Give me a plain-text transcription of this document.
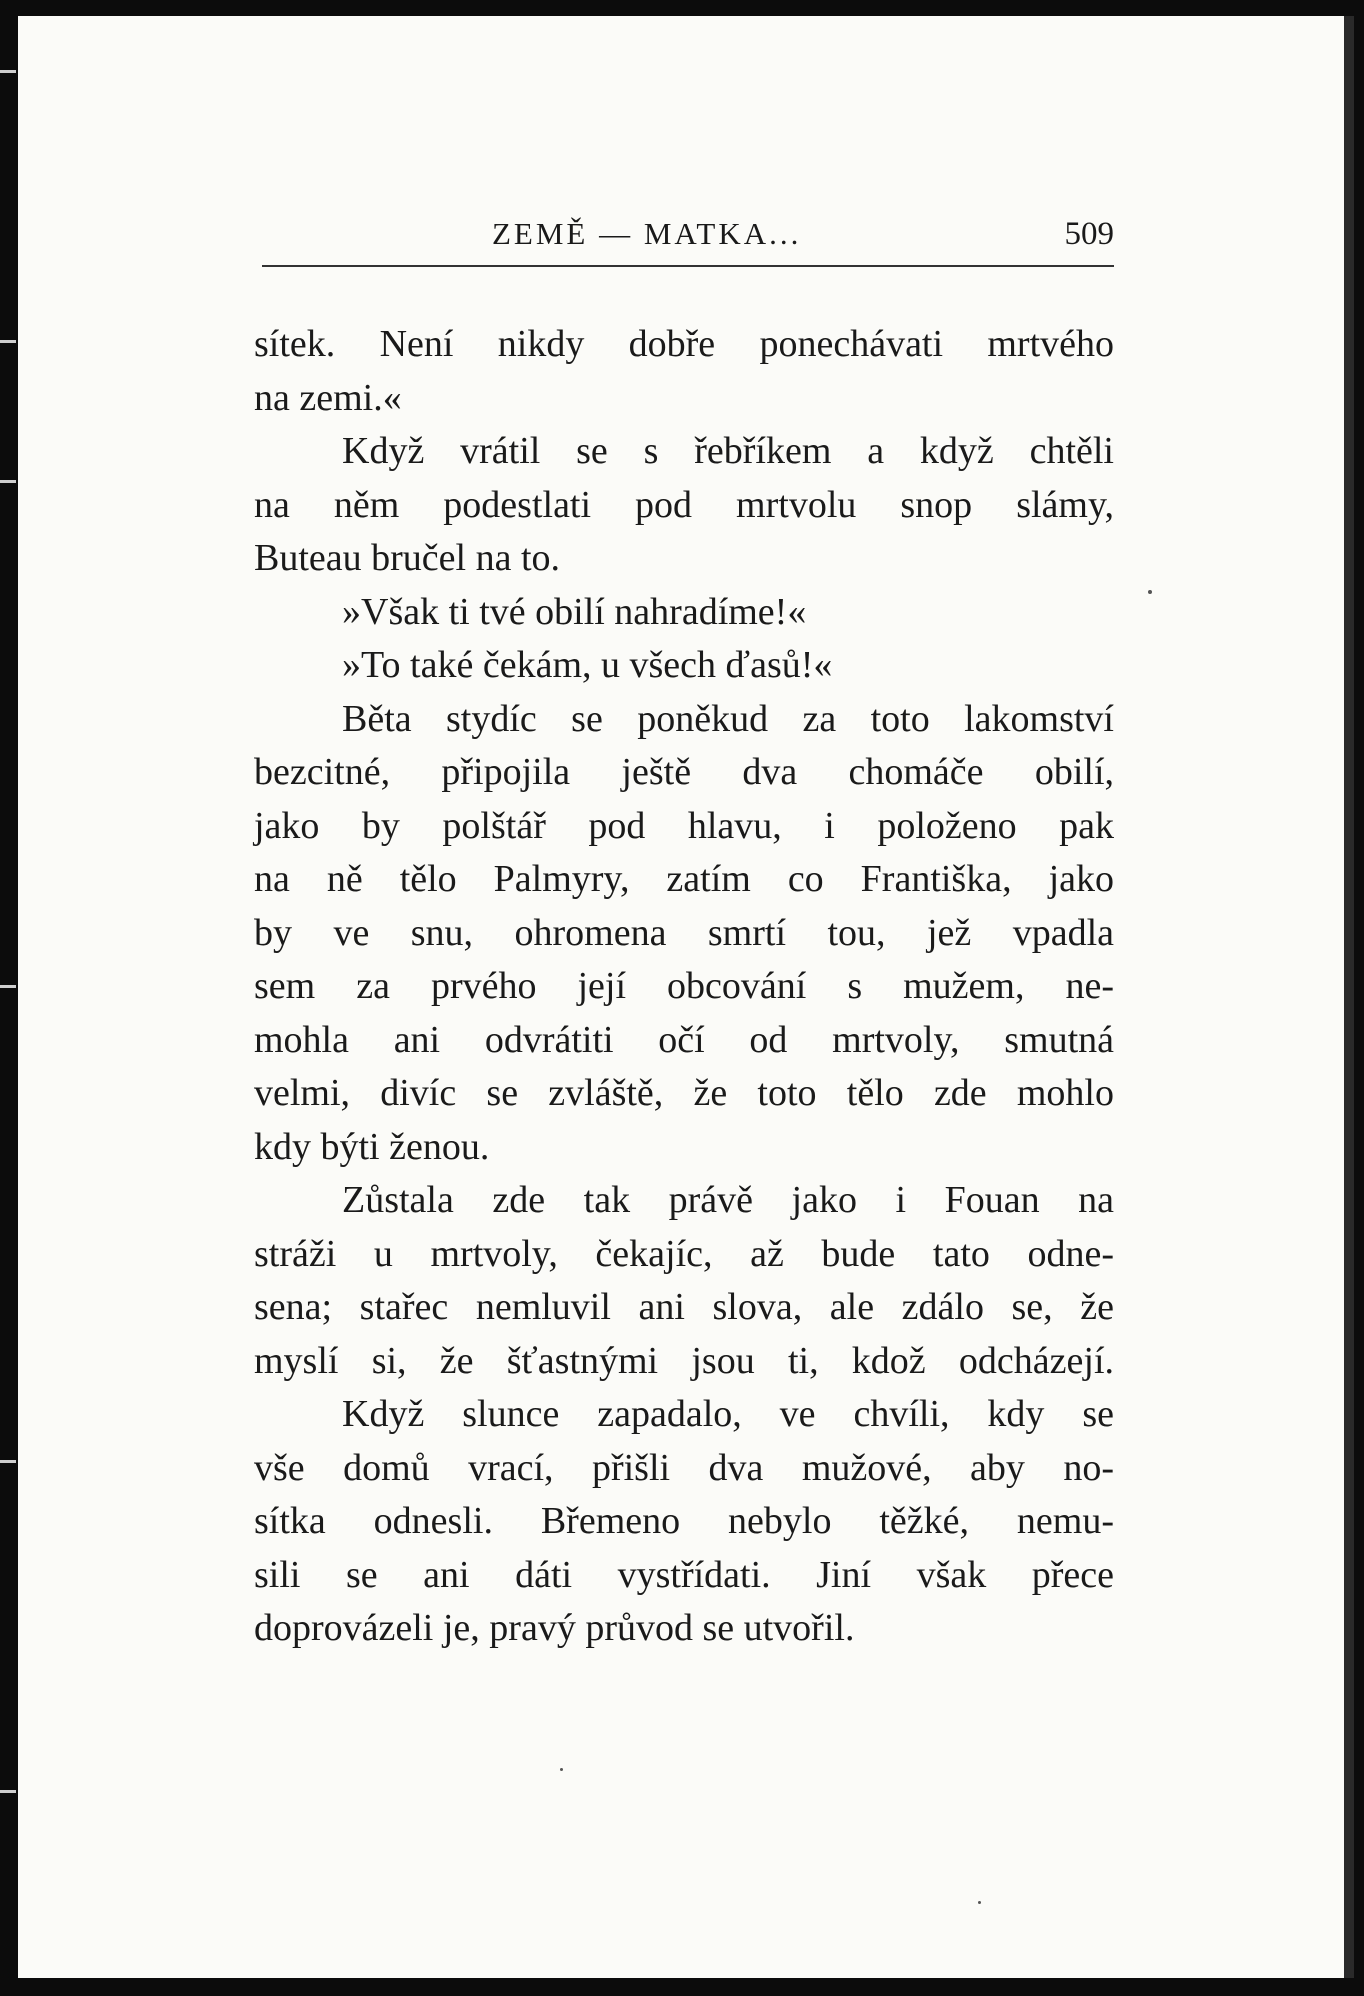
ZEMĚ — MATKA...	509
sítek. Není nikdy dobře ponechávati mrtvého
na zemi.«
Když vrátil se s řebříkem a když chtěli
na něm podestlati pod mrtvolu snop slámy,
Buteau bručel na to.
»Však ti tvé obilí nahradíme!«
»To také čekám, u všech ďasů!«
Běta stydíc se poněkud za toto lakomství
bezcitné, připojila ještě dva chomáče obilí,
jako by polštář pod hlavu, i položeno pak
na ně tělo Palmyry, zatím co Františka, jako
by ve snu, ohromena smrtí tou, jež vpadla
sem za prvého její obcování s mužem, ne-
mohla ani odvrátiti očí od mrtvoly, smutná
velmi, divíc se zvláště, že toto tělo zde mohlo
kdy býti ženou.
Zůstala zde tak právě jako i Fouan na
stráži u mrtvoly, čekajíc, až bude tato odne-
sena; stařec nemluvil ani slova, ale zdálo se, že
myslí si, že šťastnými jsou ti, kdož odcházejí.
Když slunce zapadalo, ve chvíli, kdy se
vše domů vrací, přišli dva mužové, aby no-
sítka odnesli. Břemeno nebylo těžké, nemu-
sili se ani dáti vystřídati. Jiní však přece
doprovázeli je, pravý průvod se utvořil.
